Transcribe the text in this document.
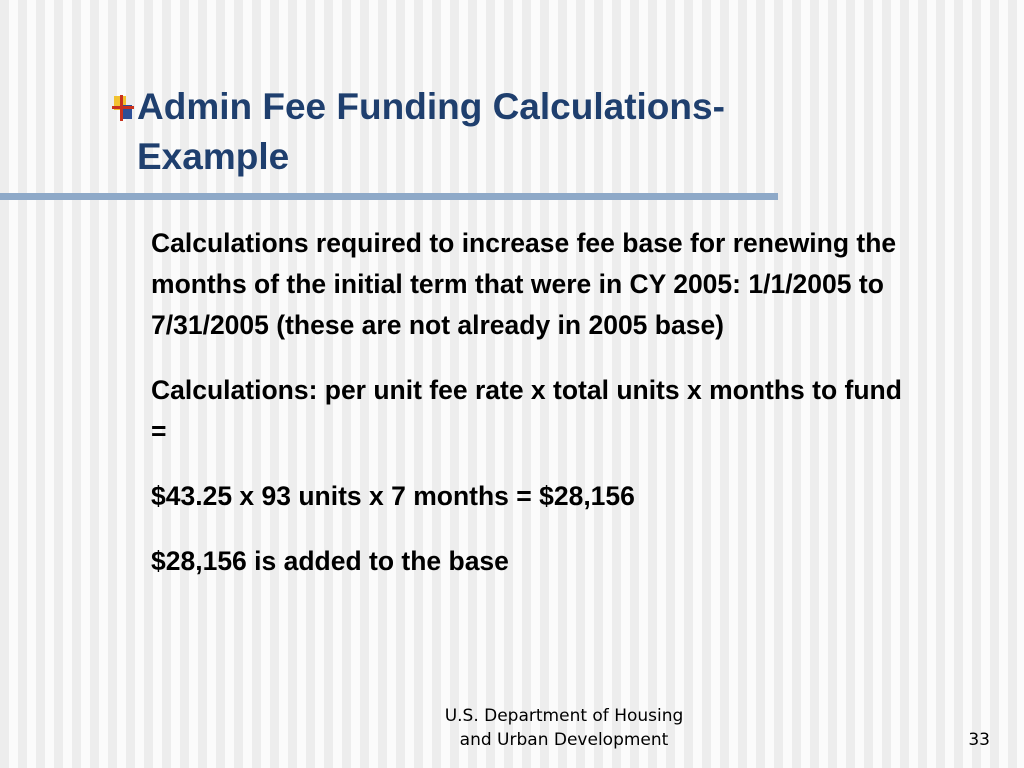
Admin Fee Funding Calculations-
Example

Calculations required to increase fee base for renewing the months of the initial term that were in CY 2005: 1/1/2005 to 7/31/2005 (these are not already in 2005 base)

Calculations: per unit fee rate x total units x months to fund =

$43.25 x 93 units x 7 months = $28,156

$28,156 is added to the base

U.S. Department of Housing
and Urban Development	33
